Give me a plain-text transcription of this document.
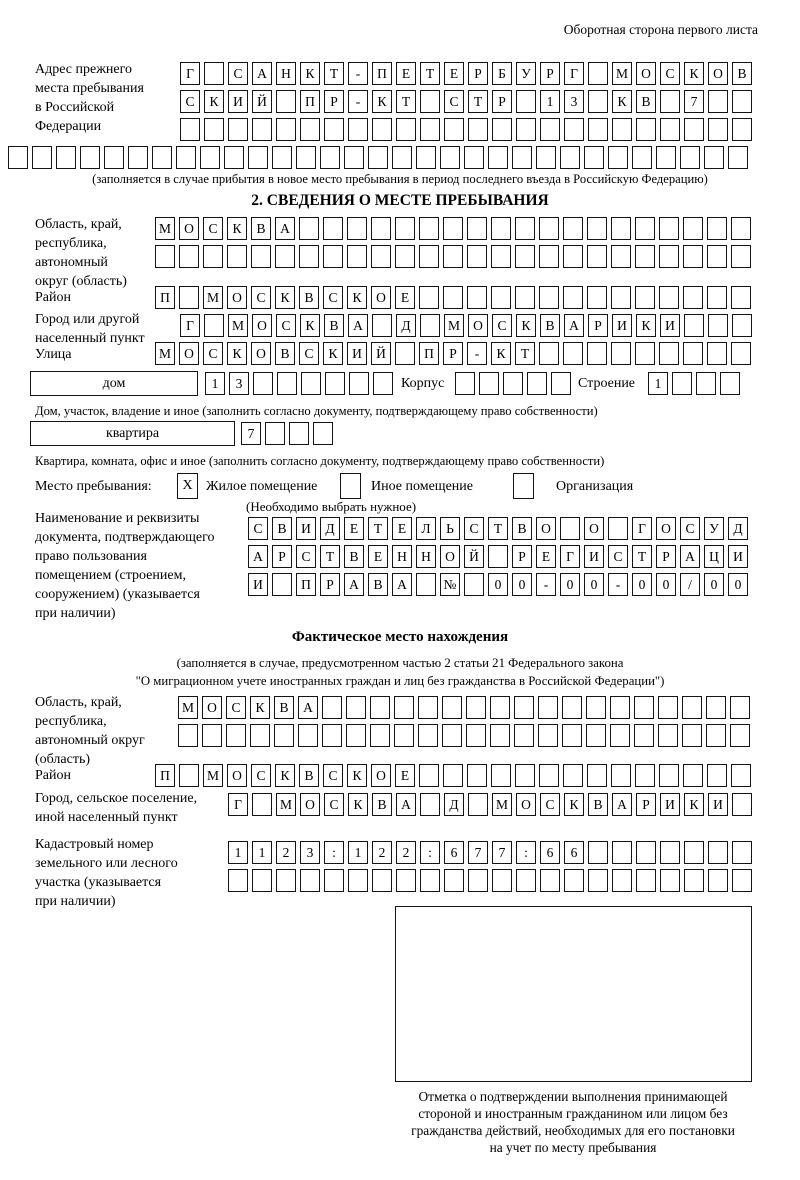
Оборотная сторона первого листа
Адрес прежнего
места пребывания
в Российской
Федерации
Г	С	А	Н	К	Т	-	П	Е	Т	Е	Р	Б	У	Р	Г	М О	С	К	О	В
С	К	И	Й	П	Р	-	К	Т	С	Т	Р	1	3	К	В	7
(заполняется в случае прибытия в новое место пребывания в период последнего въезда в Российскую Федерацию)
2. СВЕДЕНИЯ О МЕСТЕ ПРЕБЫВАНИЯ
Область, край,
республика,
автономный
округ (область)
М О	С	К	В	А
Район	П	М О	С	К	В	С	К	О	Е
Город или другой
населенный пункт
Г	М О	С	К	В	А	Д	М О	С	К	В	А	Р	И	К	И
Улица	М О	С	К	О	В	С	К	И	Й	П	Р	-	К	Т
дом	1	3	Корпус	Строение	1
Дом, участок, владение и иное (заполнить согласно документу, подтверждающему право собственности)
квартира	7
Квартира, комната, офис и иное (заполнить согласно документу, подтверждающему право собственности)
Место пребывания:	X Жилое помещение	Иное помещение	Организация
(Необходимо выбрать нужное)
Наименование и реквизиты
документа, подтверждающего
право пользования
помещением (строением,
сооружением) (указывается
при наличии)
С	В	И	Д	Е	Т	Е	Л	Ь	С	Т	В	О	О	Г	О	С	У	Д
А	Р	С	Т	В	Е	Н	Н	О	Й	Р	Е	Г	И	С	Т	Р	А	Ц	И
И	П	Р	А	В	А	№	0	0	-	0	0	-	0	0	/	0	0
Фактическое место нахождения
(заполняется в случае, предусмотренном частью 2 статьи 21 Федерального закона
"О миграционном учете иностранных граждан и лиц без гражданства в Российской Федерации")
Область, край,
республика,
автономный округ
(область)
М О	С	К	В	А
Район	П	М О	С	К	В	С	К	О	Е
Город, сельское поселение,
иной населенный пункт
Г	М О	С	К	В	А	Д	М О	С	К	В	А	Р	И	К	И
Кадастровый номер
земельного или лесного
участка (указывается
при наличии)
1	1	2	3	:	1	2	2	:	6	7	7	:	6	6
Отметка о подтверждении выполнения принимающей
стороной и иностранным гражданином или лицом без
гражданства действий, необходимых для его постановки
на учет по месту пребывания
